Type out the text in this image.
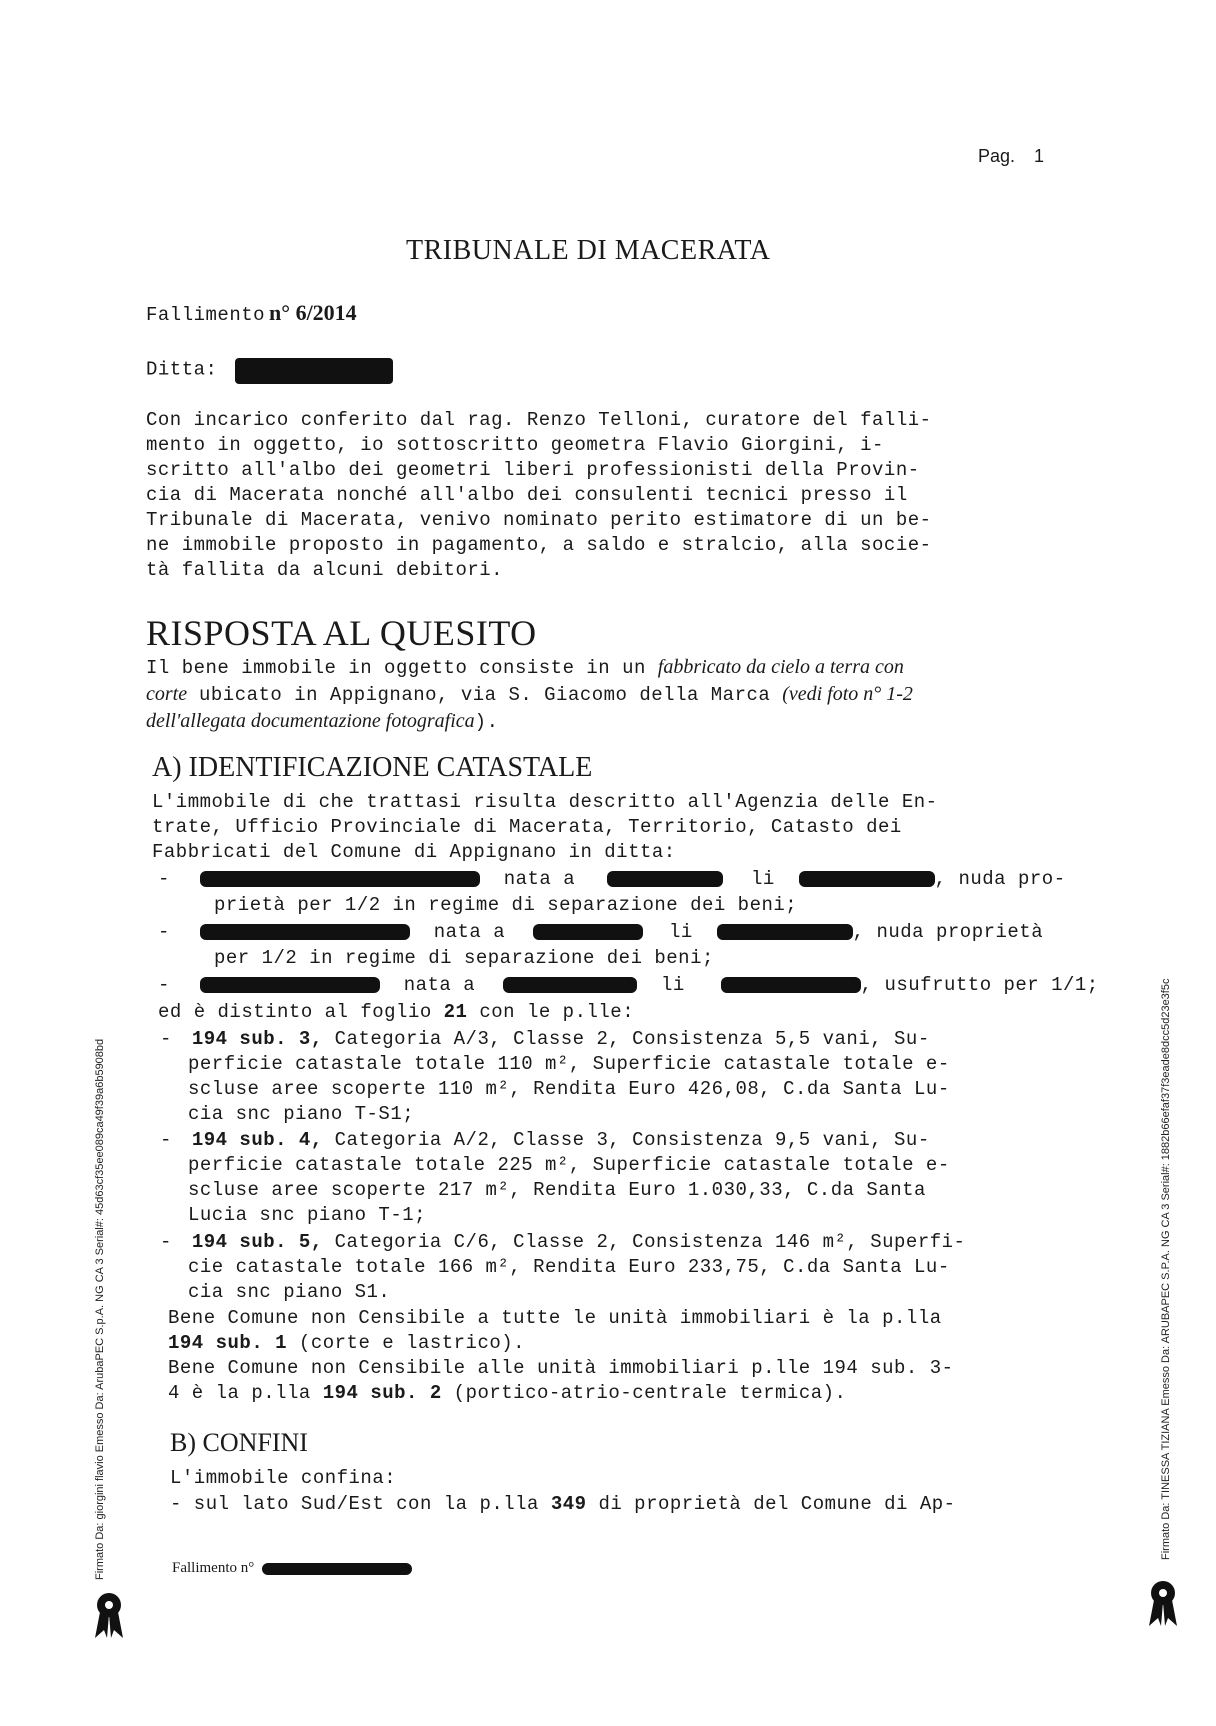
Pag. 1
TRIBUNALE DI MACERATA
Fallimento n° 6/2014
Ditta:
Con incarico conferito dal rag. Renzo Telloni, curatore del falli-
mento in oggetto, io sottoscritto geometra Flavio Giorgini, i-
scritto all'albo dei geometri liberi professionisti della Provin-
cia di Macerata nonché all'albo dei consulenti tecnici presso il
Tribunale di Macerata, venivo nominato perito estimatore di un be-
ne immobile proposto in pagamento, a saldo e stralcio, alla socie-
tà fallita da alcuni debitori.
RISPOSTA AL QUESITO
Il bene immobile in oggetto consiste in un fabbricato da cielo a terra con
corte ubicato in Appignano, via S. Giacomo della Marca (vedi foto n° 1-2
dell'allegata documentazione fotografica).
A) IDENTIFICAZIONE CATASTALE
L'immobile di che trattasi risulta descritto all'Agenzia delle En-
trate, Ufficio Provinciale di Macerata, Territorio, Catasto dei
Fabbricati del Comune di Appignano in ditta:
-	nata a	li	, nuda pro-
prietà per 1/2 in regime di separazione dei beni;
-	nata a	li	, nuda proprietà
per 1/2 in regime di separazione dei beni;
-	nata a	li	, usufrutto per 1/1;
ed è distinto al foglio 21 con le p.lle:
- 194 sub. 3, Categoria A/3, Classe 2, Consistenza 5,5 vani, Su-
perficie catastale totale 110 m², Superficie catastale totale e-
scluse aree scoperte 110 m², Rendita Euro 426,08, C.da Santa Lu-
cia snc piano T-S1;
- 194 sub. 4, Categoria A/2, Classe 3, Consistenza 9,5 vani, Su-
perficie catastale totale 225 m², Superficie catastale totale e-
scluse aree scoperte 217 m², Rendita Euro 1.030,33, C.da Santa
Lucia snc piano T-1;
- 194 sub. 5, Categoria C/6, Classe 2, Consistenza 146 m², Superfi-
cie catastale totale 166 m², Rendita Euro 233,75, C.da Santa Lu-
cia snc piano S1.
Bene Comune non Censibile a tutte le unità immobiliari è la p.lla
194 sub. 1 (corte e lastrico).
Bene Comune non Censibile alle unità immobiliari p.lle 194 sub. 3-
4 è la p.lla 194 sub. 2 (portico-atrio-centrale termica).
B) CONFINI
L'immobile confina:
- sul lato Sud/Est con la p.lla 349 di proprietà del Comune di Ap-
Fallimento n°
Firmato Da: giorgini flavio Emesso Da: ArubaPEC S.p.A. NG CA 3 Serial#: 45d63cf35ee089ca49f39a6b5908bd	Firmato Da: TINESSA TIZIANA Emesso Da: ARUBAPEC S.P.A. NG CA 3 Serial#: 1882b66efaf37f3eade8dcc5d23e3f5c
